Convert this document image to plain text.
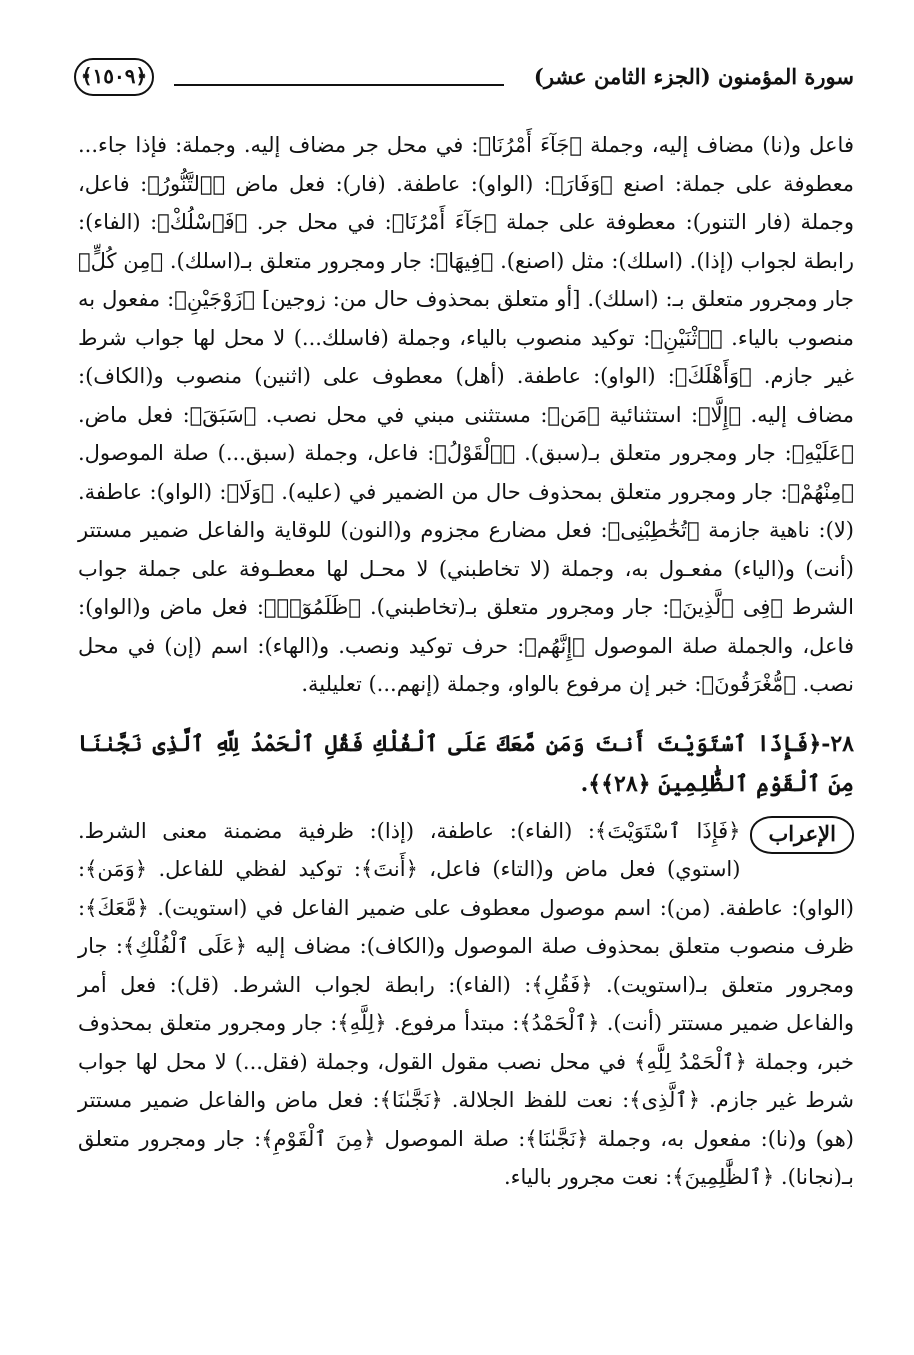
سورة المؤمنون (الجزء الثامن عشر)
﴿١٥٠٩﴾

فاعل و(نا) مضاف إليه، وجملة ﴿جَآءَ أَمْرُنَا﴾: في محل جر مضاف إليه. وجملة: فإذا جاء... معطوفة على جملة: اصنع ﴿وَفَارَ﴾: (الواو): عاطفة. (فار): فعل ماض ﴿ٱلتَّنُّورُ﴾: فاعل، وجملة (فار التنور): معطوفة على جملة ﴿جَآءَ أَمْرُنَا﴾: في محل جر. ﴿فَٱسْلُكْ﴾: (الفاء): رابطة لجواب (إذا). (اسلك): مثل (اصنع). ﴿فِيهَا﴾: جار ومجرور متعلق بـ(اسلك). ﴿مِن كُلٍّ﴾ جار ومجرور متعلق بـ: (اسلك). [أو متعلق بمحذوف حال من: زوجين] ﴿زَوْجَيْنِ﴾: مفعول به منصوب بالياء. ﴿ٱثْنَيْنِ﴾: توكيد منصوب بالياء، وجملة (فاسلك...) لا محل لها جواب شرط غير جازم. ﴿وَأَهْلَكَ﴾: (الواو): عاطفة. (أهل) معطوف على (اثنين) منصوب و(الكاف): مضاف إليه. ﴿إِلَّا﴾: استثنائية ﴿مَن﴾: مستثنى مبني في محل نصب. ﴿سَبَقَ﴾: فعل ماض. ﴿عَلَيْهِ﴾: جار ومجرور متعلق بـ(سبق). ﴿ٱلْقَوْلُ﴾: فاعل، وجملة (سبق...) صلة الموصول. ﴿مِنْهُمْ﴾: جار ومجرور متعلق بمحذوف حال من الضمير في (عليه). ﴿وَلَا﴾: (الواو): عاطفة. (لا): ناهية جازمة ﴿تُخَٰطِبْنِى﴾: فعل مضارع مجزوم و(النون) للوقاية والفاعل ضمير مستتر (أنت) و(الياء) مفعـول به، وجملة (لا تخاطبني) لا محـل لها معطـوفة على جملة جواب الشرط ﴿فِى ٱلَّذِينَ﴾: جار ومجرور متعلق بـ(تخاطبني). ﴿ظَلَمُوٓا۟﴾: فعل ماض و(الواو): فاعل، والجملة صلة الموصول ﴿إِنَّهُم﴾: حرف توكيد ونصب. و(الهاء): اسم (إن) في محل نصب. ﴿مُّغْرَقُونَ﴾: خبر إن مرفوع بالواو، وجملة (إنهم...) تعليلية.

٢٨-﴿فَإِذَا ٱسْتَوَيْتَ أَنتَ وَمَن مَّعَكَ عَلَى ٱلْفُلْكِ فَقُلِ ٱلْحَمْدُ لِلَّهِ ٱلَّذِى نَجَّىٰنَا مِنَ ٱلْقَوْمِ ٱلظَّٰلِمِينَ ﴿٢٨﴾﴾.

الإعراب
﴿فَإِذَا ٱسْتَوَيْتَ﴾: (الفاء): عاطفة، (إذا): ظرفية مضمنة معنى الشرط. (استوي) فعل ماض و(التاء) فاعل، ﴿أَنتَ﴾: توكيد لفظي للفاعل. ﴿وَمَن﴾: (الواو): عاطفة. (من): اسم موصول معطوف على ضمير الفاعل في (استويت). ﴿مَّعَكَ﴾: ظرف منصوب متعلق بمحذوف صلة الموصول و(الكاف): مضاف إليه ﴿عَلَى ٱلْفُلْكِ﴾: جار ومجرور متعلق بـ(استويت). ﴿فَقُلِ﴾: (الفاء): رابطة لجواب الشرط. (قل): فعل أمر والفاعل ضمير مستتر (أنت). ﴿ٱلْحَمْدُ﴾: مبتدأ مرفوع. ﴿لِلَّهِ﴾: جار ومجرور متعلق بمحذوف خبر، وجملة ﴿ٱلْحَمْدُ لِلَّهِ﴾ في محل نصب مقول القول، وجملة (فقل...) لا محل لها جواب شرط غير جازم. ﴿ٱلَّذِى﴾: نعت للفظ الجلالة. ﴿نَجَّىٰنَا﴾: فعل ماض والفاعل ضمير مستتر (هو) و(نا): مفعول به، وجملة ﴿نَجَّىٰنَا﴾: صلة الموصول ﴿مِنَ ٱلْقَوْمِ﴾: جار ومجرور متعلق بـ(نجانا). ﴿ٱلظَّٰلِمِينَ﴾: نعت مجرور بالياء.
